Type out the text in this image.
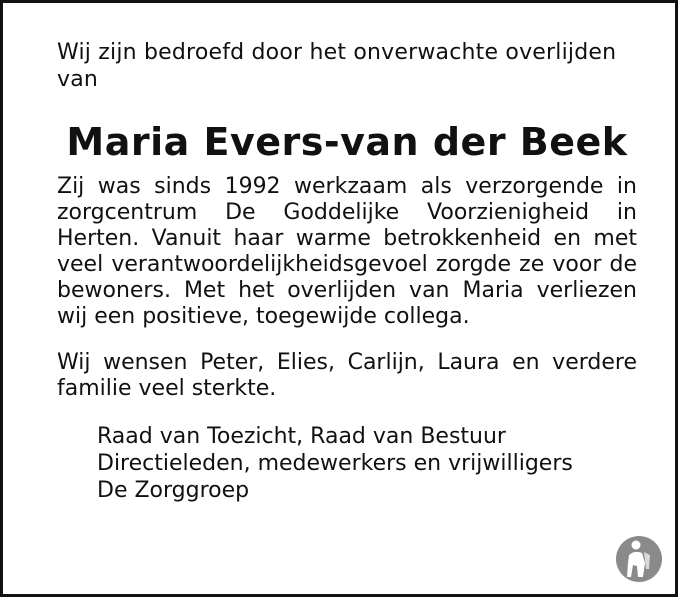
Wij zijn bedroefd door het onverwachte overlijden van
Maria Evers-van der Beek
Zij was sinds 1992 werkzaam als verzorgende in zorgcentrum De Goddelijke Voorzienigheid in Herten. Vanuit haar warme betrokkenheid en met veel verantwoordelijkheidsgevoel zorgde ze voor de bewoners. Met het overlijden van Maria verliezen wij een positieve, toegewijde collega.
Wij wensen Peter, Elies, Carlijn, Laura en verdere familie veel sterkte.
Raad van Toezicht, Raad van Bestuur
Directieleden, medewerkers en vrijwilligers
De Zorggroep
